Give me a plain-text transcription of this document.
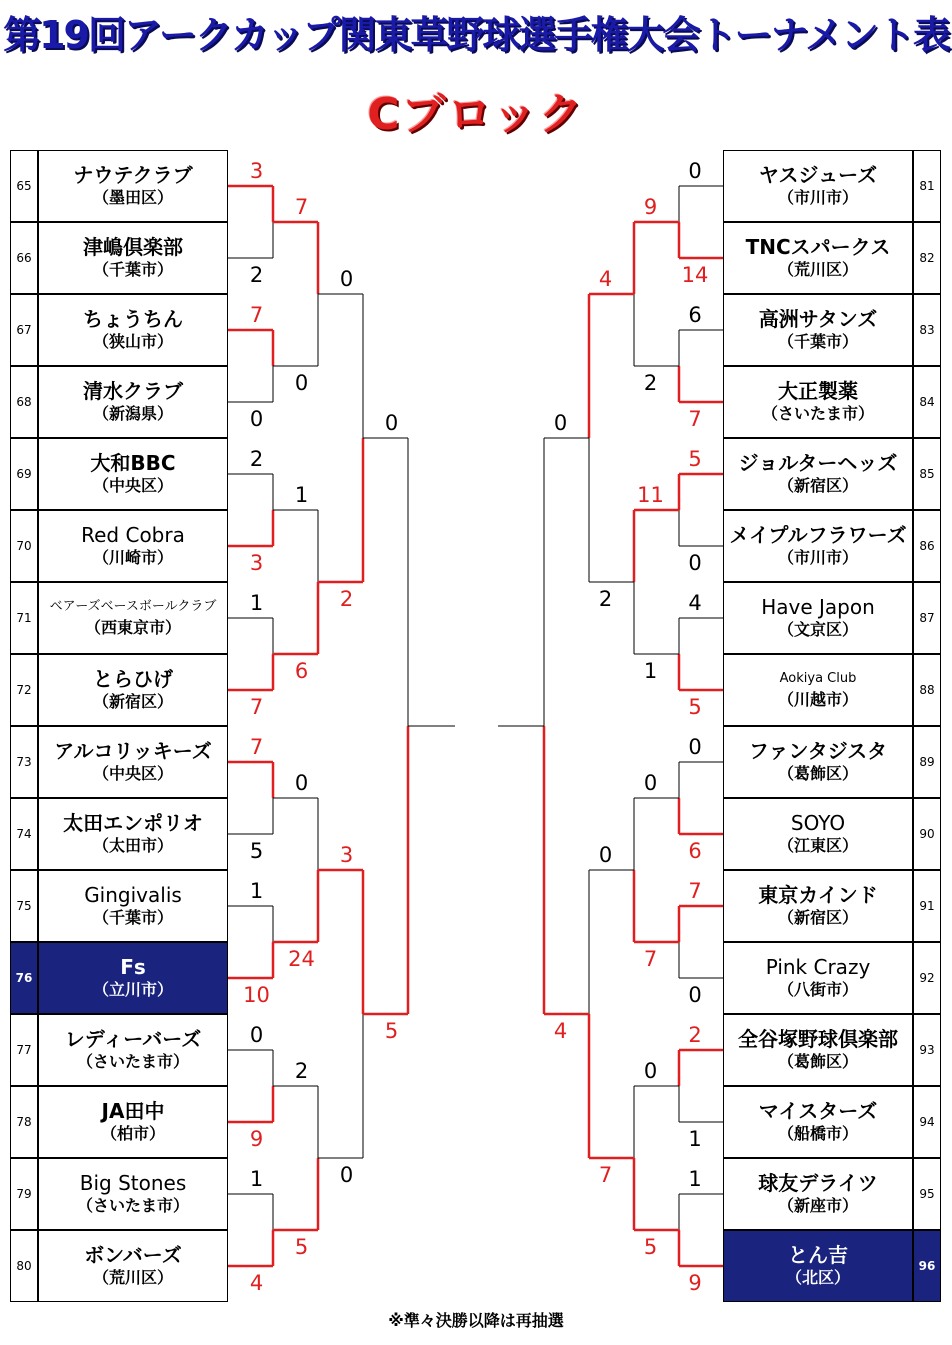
第19回アークカップ関東草野球選手権大会トーナメント表
Cブロック
65	ナウテクラブ
（墨田区）
66	津嶋倶楽部
（千葉市）
67	ちょうちん
（狭山市）
68	清水クラブ
（新潟県）
69	大和BBC
（中央区）
70	Red Cobra
（川崎市）
71
ベアーズベースボールクラブ
（西東京市）
72	とらひげ
（新宿区）
73	アルコリッキーズ
（中央区）
74	太田エンポリオ
（太田市）
75	Gingivalis
（千葉市）
76	Fs
（立川市）
77	レディーバーズ
（さいたま市）
78	JA田中
（柏市）
79	Big Stones
（さいたま市）
80	ボンバーズ
（荒川区）
81
ヤスジューズ
（市川市）
82
TNCスパークス
（荒川区）
83
高洲サタンズ
（千葉市）
84
大正製薬
（さいたま市）
85
ジョルターヘッズ
（新宿区）
86
メイプルフラワーズ
（市川市）
87
Have Japon
（文京区）
88
Aokiya Club
（川越市）
89
ファンタジスタ
（葛飾区）
90
SOYO
（江東区）
91
東京カインド
（新宿区）
92
Pink Crazy
（八街市）
93
全谷塚野球倶楽部
（葛飾区）
94
マイスターズ
（船橋市）
95
球友デライツ
（新座市）
96
とん吉
（北区）
3
2
7
0
2
3
1
7
7
5
1
10
0
9
1
4
7
0
1
6
0
24
2
5
0
2
3
0
0
5
0
14
6
7
5
0
4
5
0
6
7
0
2
1
1
9
9
2
11
1
0
7
0
5
4
2
0
7
0
4
※準々決勝以降は再抽選
